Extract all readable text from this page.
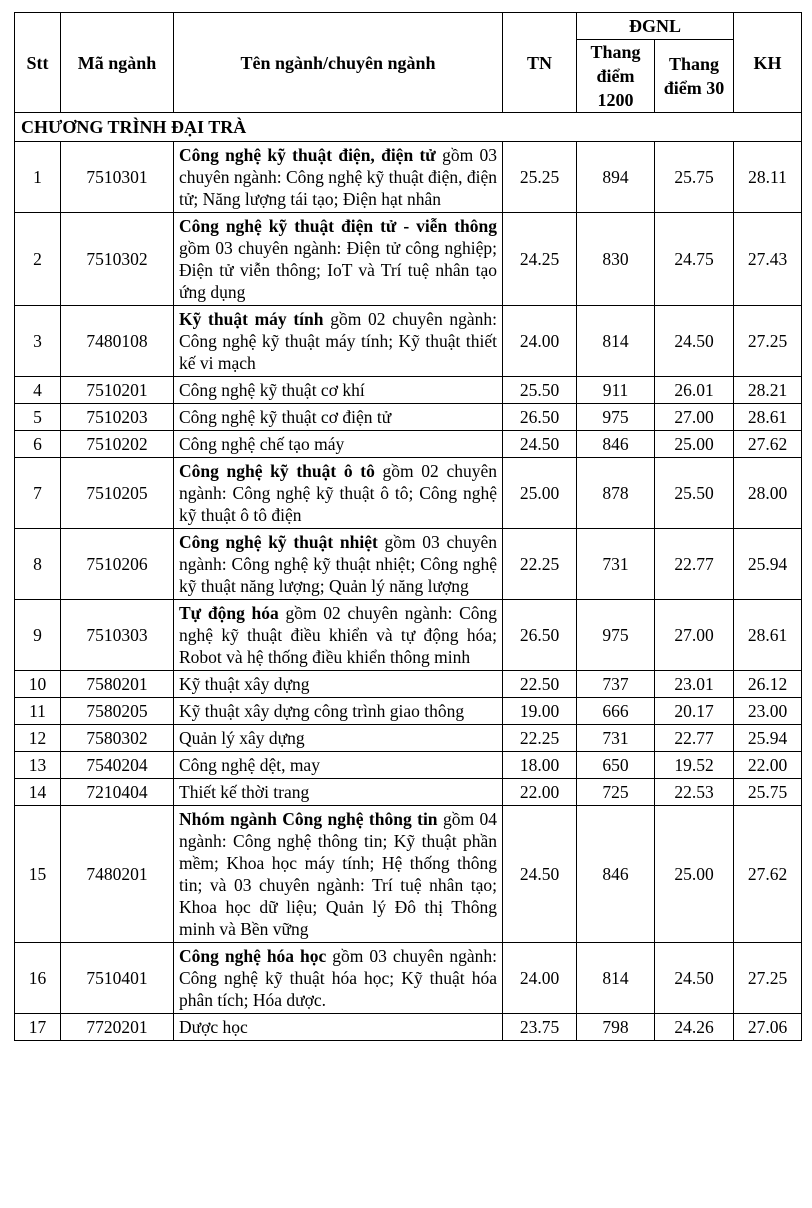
Stt	Mã ngành	Tên ngành/chuyên ngành	TN	ĐGNL		KH
				Thang điểm 1200	Thang điểm 30	
CHƯƠNG TRÌNH ĐẠI TRÀ						
1	7510301	Công nghệ kỹ thuật điện, điện tử gồm 03 chuyên ngành: Công nghệ kỹ thuật điện, điện tử; Năng lượng tái tạo; Điện hạt nhân	25.25	894	25.75	28.11
2	7510302	Công nghệ kỹ thuật điện tử - viễn thông gồm 03 chuyên ngành: Điện tử công nghiệp; Điện tử viễn thông; IoT và Trí tuệ nhân tạo ứng dụng	24.25	830	24.75	27.43
3	7480108	Kỹ thuật máy tính gồm 02 chuyên ngành: Công nghệ kỹ thuật máy tính; Kỹ thuật thiết kế vi mạch	24.00	814	24.50	27.25
4	7510201	Công nghệ kỹ thuật cơ khí	25.50	911	26.01	28.21
5	7510203	Công nghệ kỹ thuật cơ điện tử	26.50	975	27.00	28.61
6	7510202	Công nghệ chế tạo máy	24.50	846	25.00	27.62
7	7510205	Công nghệ kỹ thuật ô tô gồm 02 chuyên ngành: Công nghệ kỹ thuật ô tô; Công nghệ kỹ thuật ô tô điện	25.00	878	25.50	28.00
8	7510206	Công nghệ kỹ thuật nhiệt gồm 03 chuyên ngành: Công nghệ kỹ thuật nhiệt; Công nghệ kỹ thuật năng lượng; Quản lý năng lượng	22.25	731	22.77	25.94
9	7510303	Tự động hóa gồm 02 chuyên ngành: Công nghệ kỹ thuật điều khiển và tự động hóa; Robot và hệ thống điều khiển thông minh	26.50	975	27.00	28.61
10	7580201	Kỹ thuật xây dựng	22.50	737	23.01	26.12
11	7580205	Kỹ thuật xây dựng công trình giao thông	19.00	666	20.17	23.00
12	7580302	Quản lý xây dựng	22.25	731	22.77	25.94
13	7540204	Công nghệ dệt, may	18.00	650	19.52	22.00
14	7210404	Thiết kế thời trang	22.00	725	22.53	25.75
15	7480201	Nhóm ngành Công nghệ thông tin gồm 04 ngành: Công nghệ thông tin; Kỹ thuật phần mềm; Khoa học máy tính; Hệ thống thông tin; và 03 chuyên ngành: Trí tuệ nhân tạo; Khoa học dữ liệu; Quản lý Đô thị Thông minh và Bền vững	24.50	846	25.00	27.62
16	7510401	Công nghệ hóa học gồm 03 chuyên ngành: Công nghệ kỹ thuật hóa học; Kỹ thuật hóa phân tích; Hóa dược.	24.00	814	24.50	27.25
17	7720201	Dược học	23.75	798	24.26	27.06
